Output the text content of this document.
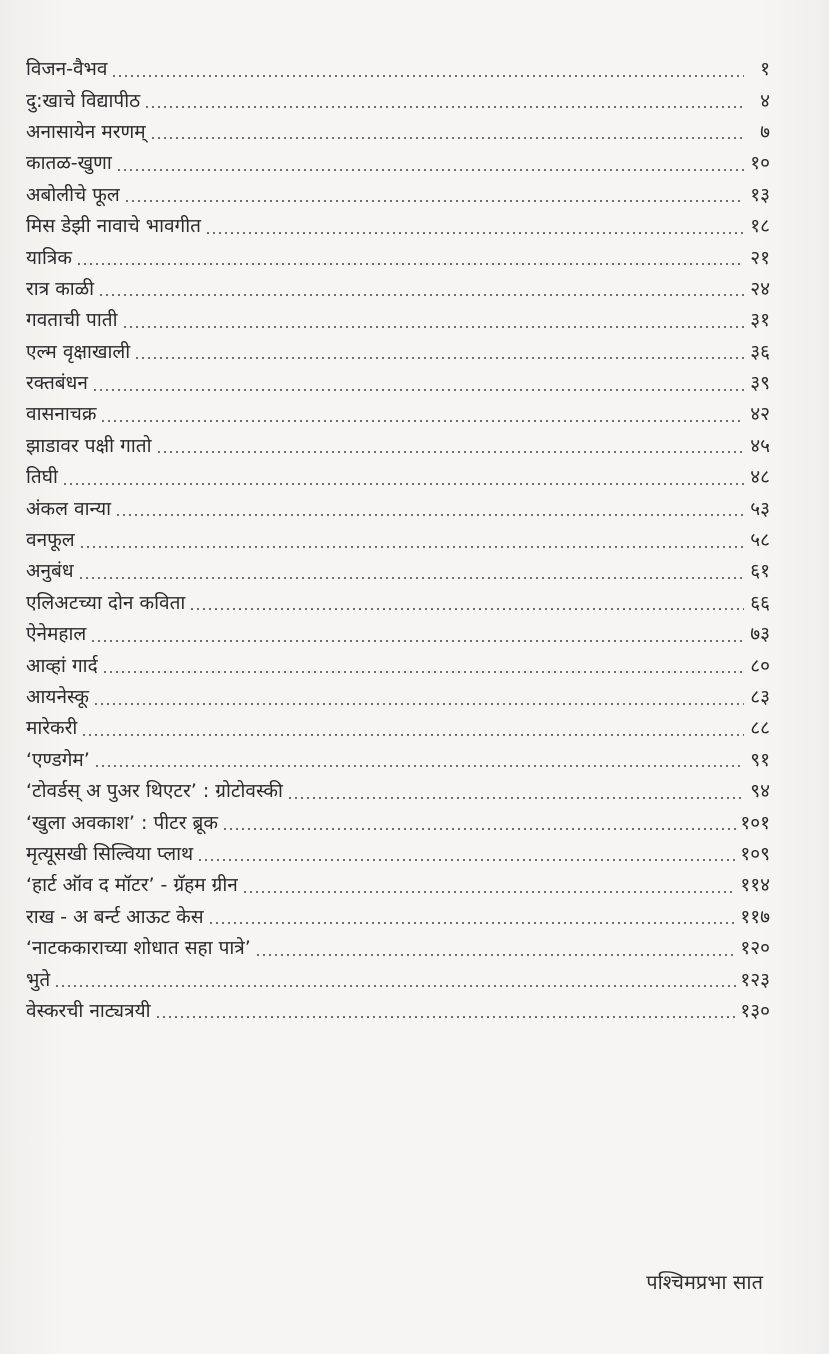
विजन-वैभव	१
दु:खाचे विद्यापीठ	४
अनासायेन मरणम्	७
कातळ-खुणा	१०
अबोलीचे फूल	१३
मिस डेझी नावाचे भावगीत	१८
यात्रिक	२१
रात्र काळी	२४
गवताची पाती	३१
एल्म वृक्षाखाली	३६
रक्तबंधन	३९
वासनाचक्र	४२
झाडावर पक्षी गातो	४५
तिघी	४८
अंकल वान्या	५३
वनफूल	५८
अनुबंध	६१
एलिअटच्या दोन कविता	६६
ऐनेमहाल	७३
आव्हां गार्द	८०
आयनेस्कू	८३
मारेकरी	८८
‘एण्डगेम’	९१
‘टोवर्डस् अ पुअर थिएटर’ : ग्रोटोवस्की	९४
‘खुला अवकाश’ : पीटर ब्रूक	१०१
मृत्यूसखी सिल्विया प्लाथ	१०९
‘हार्ट ऑव द मॉटर’ - ग्रॅहम ग्रीन	११४
राख - अ बर्न्ट आऊट केस	११७
‘नाटककाराच्या शोधात सहा पात्रे’	१२०
भुते	१२३
वेस्करची नाट्यत्रयी	१३०
पश्चिमप्रभा सात
